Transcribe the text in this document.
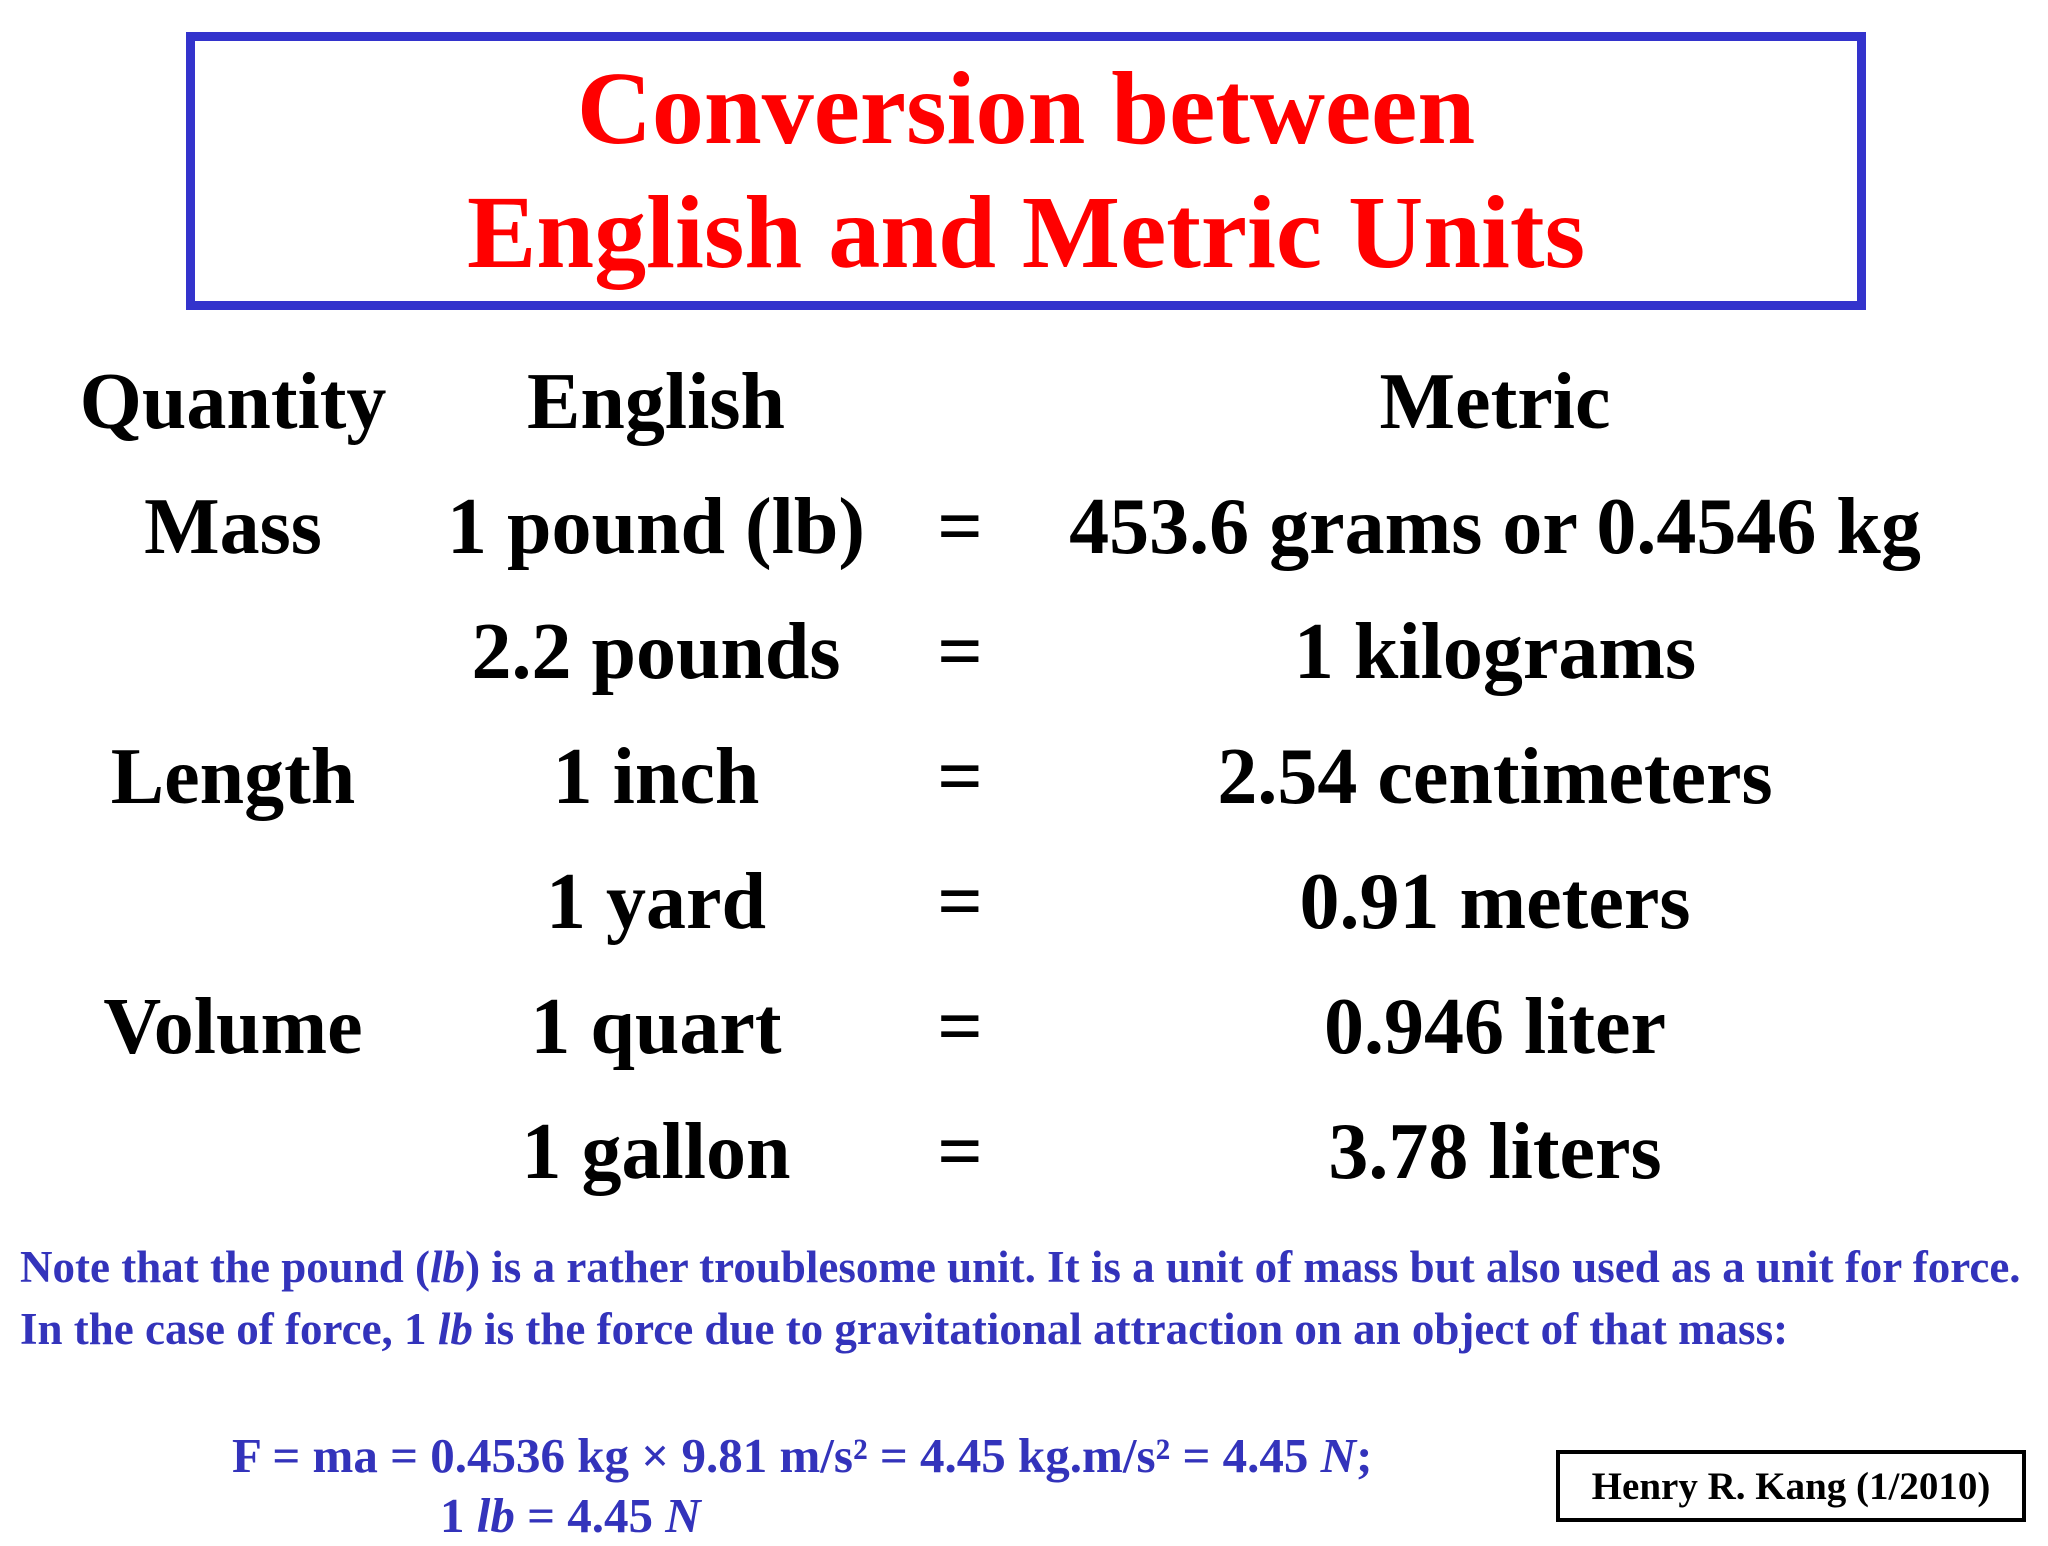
Conversion between
English and Metric Units
Quantity English	Metric
Mass 1 pound (lb) = 453.6 grams or 0.4546 kg
2.2 pounds =	1 kilograms
Length 1 inch =	2.54 centimeters
1 yard =	0.91 meters
Volume 1 quart =	0.946 liter
1 gallon =	3.78 liters
Note that the pound (lb) is a rather troublesome unit. It is a unit of mass but also used as a unit for force. In the case of force, 1 lb is the force due to gravitational attraction on an object of that mass:
F = ma = 0.4536 kg × 9.81 m/s² = 4.45 kg.m/s² = 4.45 N;
1 lb = 4.45 N
Henry R. Kang (1/2010)
